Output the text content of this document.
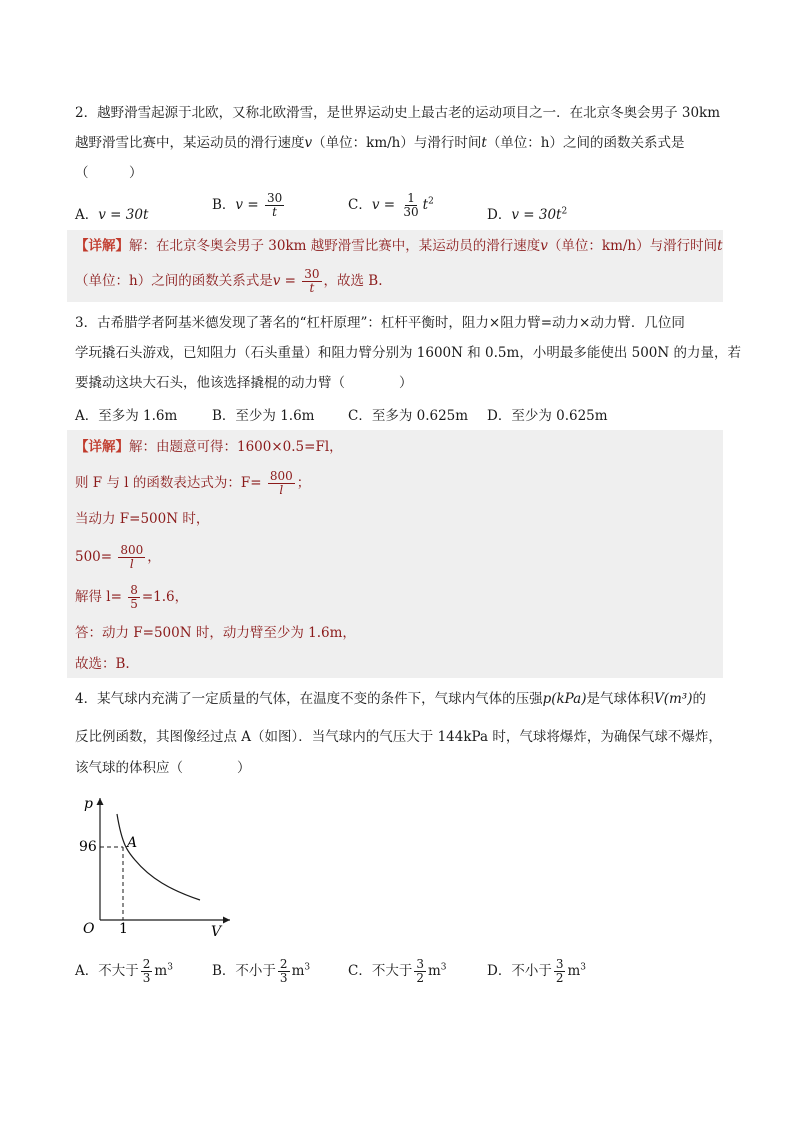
2．越野滑雪起源于北欧，又称北欧滑雪，是世界运动史上最古老的运动项目之一．在北京冬奥会男子 30km
越野滑雪比赛中，某运动员的滑行速度v（单位：km/h）与滑行时间t（单位：h）之间的函数关系式是
（　　　）
A．v = 30t
B．$v = \frac{30}{t}$	C．$v = \frac{1}{30} t^2$
D．$v = 30t^2$
【详解】解：在北京冬奥会男子 30km 越野滑雪比赛中，某运动员的滑行速度v（单位：km/h）与滑行时间t
（单位：h）之间的函数关系式是$v = \frac{30}{t}$ ，故选 B.
3．古希腊学者阿基米德发现了著名的“杠杆原理”：杠杆平衡时，阻力×阻力臂=动力×动力臂．几位同
学玩撬石头游戏，已知阻力（石头重量）和阻力臂分别为 1600N 和 0.5m，小明最多能使出 500N 的力量，若
要撬动这块大石头，他该选择撬棍的动力臂（　　　　）
A．至多为 1.6m	B．至少为 1.6m C．至多为 0.625m D．至少为 0.625m
【详解】解：由题意可得：1600×0.5=Fl，
则 F 与 l 的函数表达式为：$F= \frac{800}{l}$ ；
当动力 F=500N 时，
$500= \frac{800}{l}$ ，
解得 $l= \frac{8}{5} =1.6$，
答：动力 F=500N 时，动力臂至少为 1.6m，
故选：B.
4．某气球内充满了一定质量的气体，在温度不变的条件下，气球内气体的压强p(kPa)是气球体积V(m³)的
反比例函数，其图像经过点 A（如图）．当气球内的气压大于 144kPa 时，气球将爆炸，为确保气球不爆炸，
该气球的体积应（　　　　）
p
V
O
A
96
1
A．不大于 $\frac{2}{3} m^3$	B．不小于 $\frac{2}{3} m^3$	C．不大于 $\frac{3}{2} m^3$	D．不小于 $\frac{3}{2} m^3$
